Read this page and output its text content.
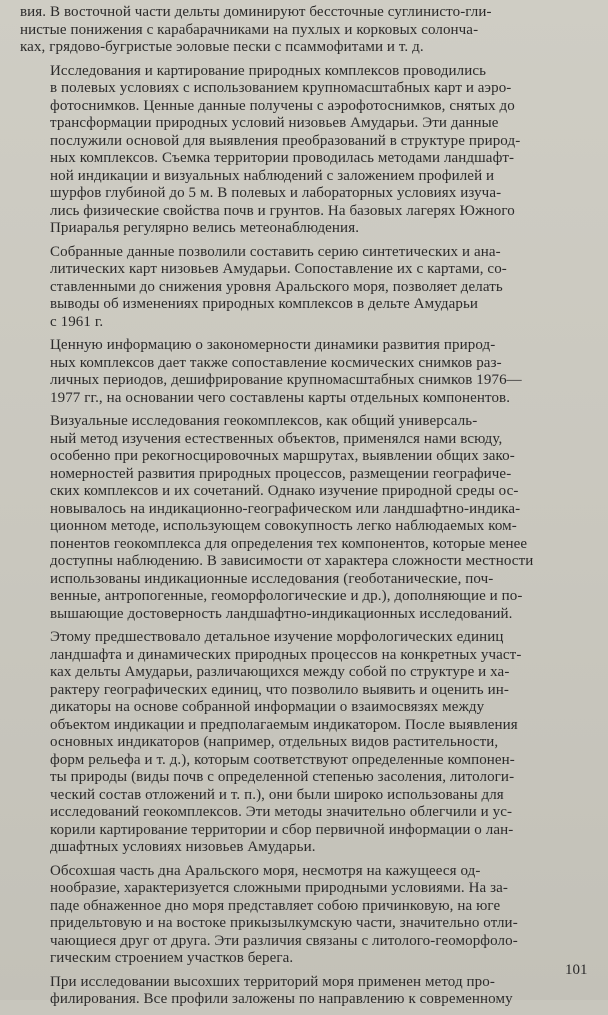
вия. В восточной части дельты доминируют бессточные суглинисто-гли-
нистые понижения с карабарачниками на пухлых и корковых солонча-
ках, грядово-бугристые эоловые пески с псаммофитами и т. д.
Исследования и картирование природных комплексов проводились
в полевых условиях с использованием крупномасштабных карт и аэро-
фотоснимков. Ценные данные получены с аэрофотоснимков, снятых до
трансформации природных условий низовьев Амударьи. Эти данные
послужили основой для выявления преобразований в структуре природ-
ных комплексов. Съемка территории проводилась методами ландшафт-
ной индикации и визуальных наблюдений с заложением профилей и
шурфов глубиной до 5 м. В полевых и лабораторных условиях изуча-
лись физические свойства почв и грунтов. На базовых лагерях Южного
Приаралья регулярно велись метеонаблюдения.
Собранные данные позволили составить серию синтетических и ана-
литических карт низовьев Амударьи. Сопоставление их с картами, со-
ставленными до снижения уровня Аральского моря, позволяет делать
выводы об изменениях природных комплексов в дельте Амударьи
с 1961 г.
Ценную информацию о закономерности динамики развития природ-
ных комплексов дает также сопоставление космических снимков раз-
личных периодов, дешифрирование крупномасштабных снимков 1976—
1977 гг., на основании чего составлены карты отдельных компонентов.
Визуальные исследования геокомплексов, как общий универсаль-
ный метод изучения естественных объектов, применялся нами всюду,
особенно при рекогносцировочных маршрутах, выявлении общих зако-
номерностей развития природных процессов, размещении географиче-
ских комплексов и их сочетаний. Однако изучение природной среды ос-
новывалось на индикационно-географическом или ландшафтно-индика-
ционном методе, использующем совокупность легко наблюдаемых ком-
понентов геокомплекса для определения тех компонентов, которые менее
доступны наблюдению. В зависимости от характера сложности местности
использованы индикационные исследования (геоботанические, поч-
венные, антропогенные, геоморфологические и др.), дополняющие и по-
вышающие достоверность ландшафтно-индикационных исследований.
Этому предшествовало детальное изучение морфологических единиц
ландшафта и динамических природных процессов на конкретных участ-
ках дельты Амударьи, различающихся между собой по структуре и ха-
рактеру географических единиц, что позволило выявить и оценить ин-
дикаторы на основе собранной информации о взаимосвязях между
объектом индикации и предполагаемым индикатором. После выявления
основных индикаторов (например, отдельных видов растительности,
форм рельефа и т. д.), которым соответствуют определенные компонен-
ты природы (виды почв с определенной степенью засоления, литологи-
ческий состав отложений и т. п.), они были широко использованы для
исследований геокомплексов. Эти методы значительно облегчили и ус-
корили картирование территории и сбор первичной информации о лан-
дшафтных условиях низовьев Амударьи.
Обсохшая часть дна Аральского моря, несмотря на кажущееся од-
нообразие, характеризуется сложными природными условиями. На за-
паде обнаженное дно моря представляет собою причинковую, на юге
придельтовую и на востоке прикызылкумскую части, значительно отли-
чающиеся друг от друга. Эти различия связаны с литолого-геоморфоло-
гическим строением участков берега.
При исследовании высохших территорий моря применен метод про-
филирования. Все профили заложены по направлению к современному
101
